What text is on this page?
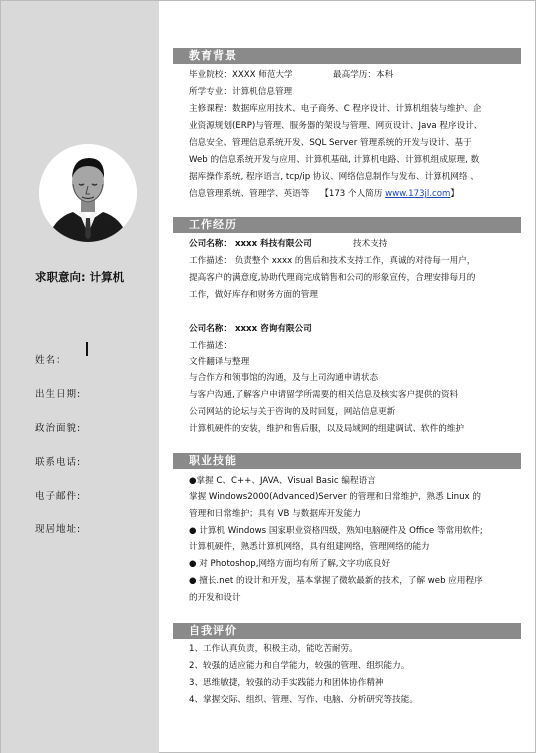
求职意向: 计算机
姓名：
出生日期:
政治面貌:
联系电话:
电子邮件:
现居地址:
教育背景
毕业院校：XXXX 师范大学	最高学历：本科
所学专业：计算机信息管理
主修课程：数据库应用技术、电子商务、C 程序设计、计算机组装与维护、企
业资源规划(ERP)与管理、服务器的架设与管理、网页设计、Java 程序设计、
信息安全、管理信息系统开发、SQL Server 管理系统的开发与设计、基于
Web 的信息系统开发与应用、计算机基础, 计算机电路、计算机组成原理, 数
据库操作系统, 程序语言, tcp/ip 协议、网络信息制作与发布、计算机网络 、
信息管理系统、管理学、英语等 【173 个人简历 www.173jl.com】
工作经历
公司名称： xxxx 科技有限公司	技术支持
工作描述： 负责整个 xxxx 的售后和技术支持工作，真诚的对待每一用户，
提高客户的满意度,协助代理商完成销售和公司的形象宣传，合理安排每月的
工作，做好库存和财务方面的管理
公司名称： xxxx 咨询有限公司
工作描述：
文件翻译与整理
与合作方和领事馆的沟通，及与上司沟通申请状态
与客户沟通,了解客户申请留学所需要的相关信息及核实客户提供的资料
公司网站的论坛与关于咨询的及时回复，网站信息更新
计算机硬件的安装，维护和售后服，以及局域网的组建调试、软件的维护
职业技能
●掌握 C、C++、JAVA、Visual Basic 编程语言
掌握 Windows2000(Advanced)Server 的管理和日常维护，熟悉 Linux 的
管理和日常维护；具有 VB 与数据库开发能力
● 计算机 Windows 国家职业资格四级，熟知电脑硬件及 Office 等常用软件;
计算机硬件，熟悉计算机网络，具有组建网络，管理网络的能力
● 对 Photoshop,网络方面均有所了解,文字功底良好
● 擅长.net 的设计和开发，基本掌握了微软最新的技术，了解 web 应用程序
的开发和设计
自我评价
1、工作认真负责，积极主动，能吃苦耐劳。
2、较强的适应能力和自学能力，较强的管理、组织能力。
3、思维敏捷，较强的动手实践能力和团体协作精神
4、掌握交际、组织、管理、写作、电脑、分析研究等技能。
